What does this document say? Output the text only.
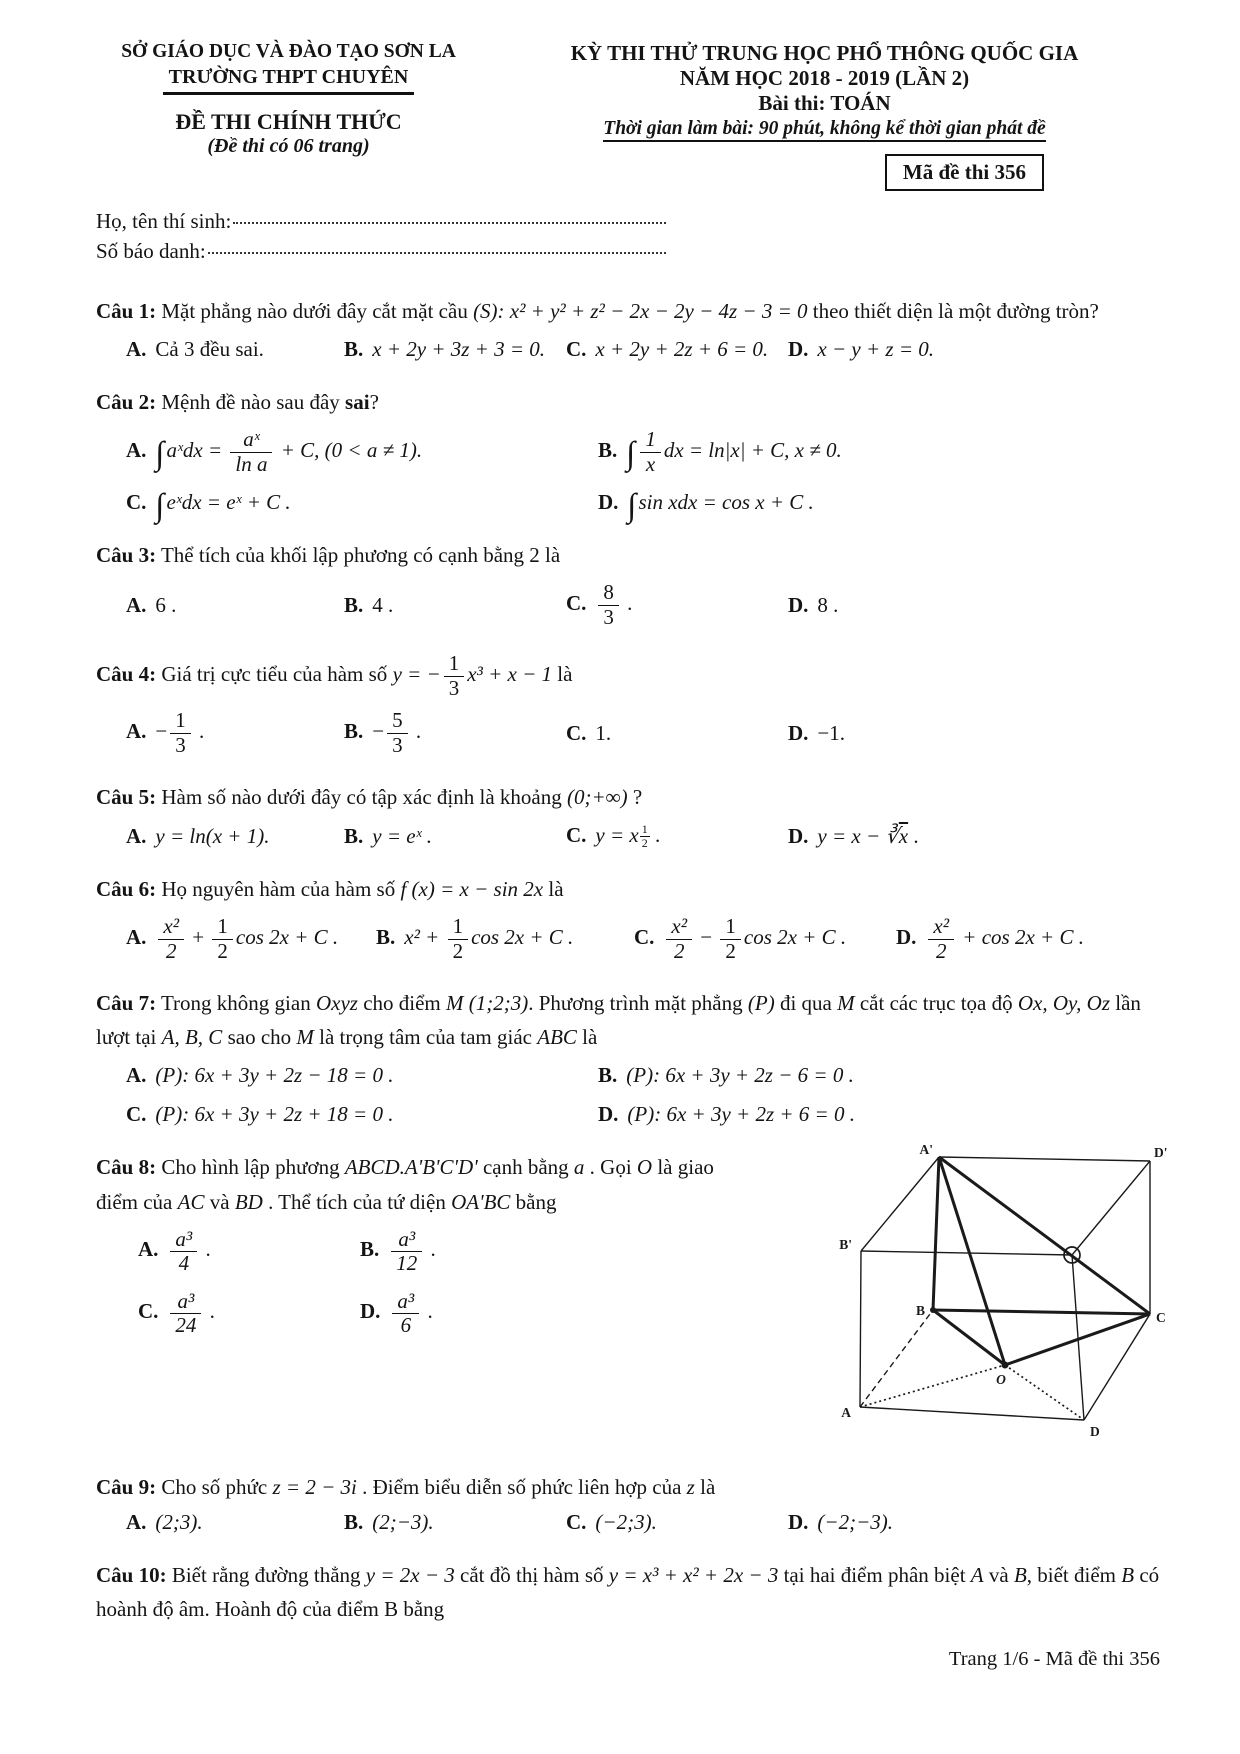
SỞ GIÁO DỤC VÀ ĐÀO TẠO SƠN LA
TRƯỜNG THPT CHUYÊN
ĐỀ THI CHÍNH THỨC
(Đề thi có 06 trang)
KỲ THI THỬ TRUNG HỌC PHỔ THÔNG QUỐC GIA
NĂM HỌC 2018 - 2019 (LẦN 2)
Bài thi: TOÁN
Thời gian làm bài: 90 phút, không kể thời gian phát đề
Mã đề thi 356
Họ, tên thí sinh:
Số báo danh:

Câu 1: Mặt phẳng nào dưới đây cắt mặt cầu (S): x² + y² + z² − 2x − 2y − 4z − 3 = 0 theo thiết diện là một đường tròn?

A. Cả 3 đều sai.	B. x + 2y + 3z + 3 = 0. C. x + 2y + 2z + 6 = 0. D. x − y + z = 0.

Câu 2: Mệnh đề nào sau đây sai?

A. ∫aˣdx = $\frac{\text{aˣ}}{\text{ln a}} + C$, (0 < a ≠ 1).	B. ∫ $\frac{1}{x}$ dx = ln|x| + C, x ≠ 0.
C. ∫eˣdx = eˣ + C .	D. ∫sin xdx = cos x + C .

Câu 3: Thể tích của khối lập phương có cạnh bằng 2 là

A. 6 .	B. 4 .	C. $\frac{8}{3}$ .	D. 8 .

Câu 4: Giá trị cực tiểu của hàm số y = − $\frac{1}{3} x^3 + x - 1$ là

A. − $\frac{1}{3}$ .	B. − $\frac{5}{3}$ .	C. 1.	D. −1.

Câu 5: Hàm số nào dưới đây có tập xác định là khoảng (0;+∞) ?

A. y = ln(x + 1).	B. y = eˣ .	C. y = x $\frac{1}{2}$ .	D. $y = x - ∛\overline{x}$ .

Câu 6: Họ nguyên hàm của hàm số f (x) = x − sin 2x là

A. $\frac{\text{x²}}{2} + \frac{1}{2}$ cos 2x + C .	B. $x^2 + \frac{1}{2}$ cos 2x + C .	C. $\frac{\text{x²}}{2} - \frac{1}{2}$ cos 2x + C .	D. $\frac{\text{x²}}{2} + \cos 2x + C$ .

Câu 7: Trong không gian Oxyz cho điểm M (1;2;3). Phương trình mặt phẳng (P) đi qua M cắt các trục tọa độ Ox, Oy, Oz lần lượt tại A, B, C sao cho M là trọng tâm của tam giác ABC là

A. (P): 6x + 3y + 2z − 18 = 0 .	B. (P): 6x + 3y + 2z − 6 = 0 .
C. (P): 6x + 3y + 2z + 18 = 0 .	D. (P): 6x + 3y + 2z + 6 = 0 .

Câu 8: Cho hình lập phương ABCD.A'B'C'D' cạnh bằng a . Gọi O là giao điểm của AC và BD . Thể tích của tứ diện OA'BC bằng

A. $\frac{\text{a³}}{4}$ .	B. $\frac{\text{a³}}{12}$ .
C. $\frac{\text{a³}}{24}$ .	D. $\frac{\text{a³}}{6}$ .
A'	D'
B'
B	C
O
D
A

Câu 9: Cho số phức z = 2 − 3i . Điểm biểu diễn số phức liên hợp của z là

A. (2;3).	B. (2;−3).	C. (−2;3).	D. (−2;−3).

Câu 10: Biết rằng đường thẳng y = 2x − 3 cắt đồ thị hàm số y = x³ + x² + 2x − 3 tại hai điểm phân biệt A và B, biết điểm B có hoành độ âm. Hoành độ của điểm B bằng

Trang 1/6 - Mã đề thi 356
